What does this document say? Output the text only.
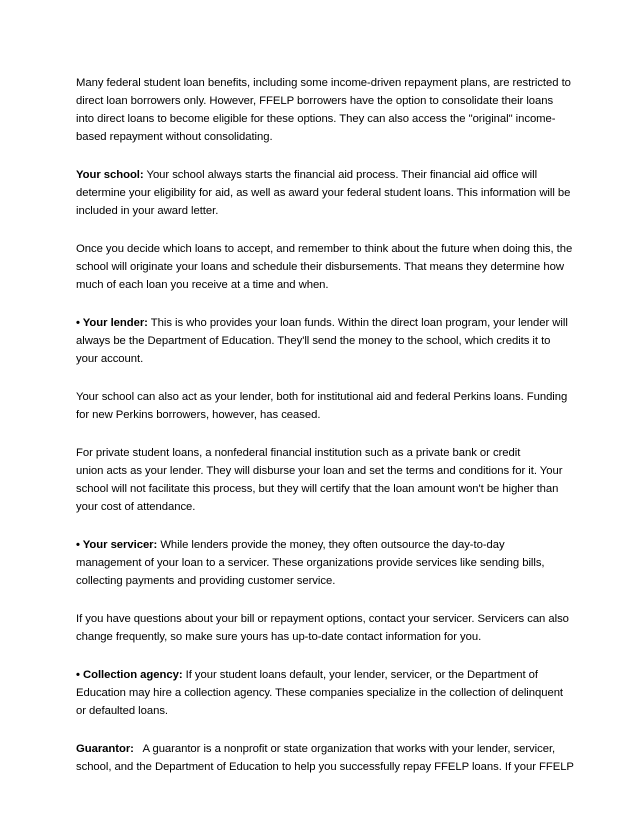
Many federal student loan benefits, including some income-driven repayment plans, are restricted to
direct loan borrowers only. However, FFELP borrowers have the option to consolidate their loans
into direct loans to become eligible for these options. They can also access the "original" income-
based repayment without consolidating.

Your school: Your school always starts the financial aid process. Their financial aid office will
determine your eligibility for aid, as well as award your federal student loans. This information will be
included in your award letter.

Once you decide which loans to accept, and remember to think about the future when doing this, the
school will originate your loans and schedule their disbursements. That means they determine how
much of each loan you receive at a time and when.

• Your lender: This is who provides your loan funds. Within the direct loan program, your lender will
always be the Department of Education. They'll send the money to the school, which credits it to
your account.

Your school can also act as your lender, both for institutional aid and federal Perkins loans. Funding
for new Perkins borrowers, however, has ceased.

For private student loans, a nonfederal financial institution such as a private bank or credit
union acts as your lender. They will disburse your loan and set the terms and conditions for it. Your
school will not facilitate this process, but they will certify that the loan amount won't be higher than
your cost of attendance.

• Your servicer: While lenders provide the money, they often outsource the day-to-day
management of your loan to a servicer. These organizations provide services like sending bills,
collecting payments and providing customer service.

If you have questions about your bill or repayment options, contact your servicer. Servicers can also
change frequently, so make sure yours has up-to-date contact information for you.

• Collection agency: If your student loans default, your lender, servicer, or the Department of
Education may hire a collection agency. These companies specialize in the collection of delinquent
or defaulted loans.

Guarantor:   A guarantor is a nonprofit or state organization that works with your lender, servicer,
school, and the Department of Education to help you successfully repay FFELP loans. If your FFELP
